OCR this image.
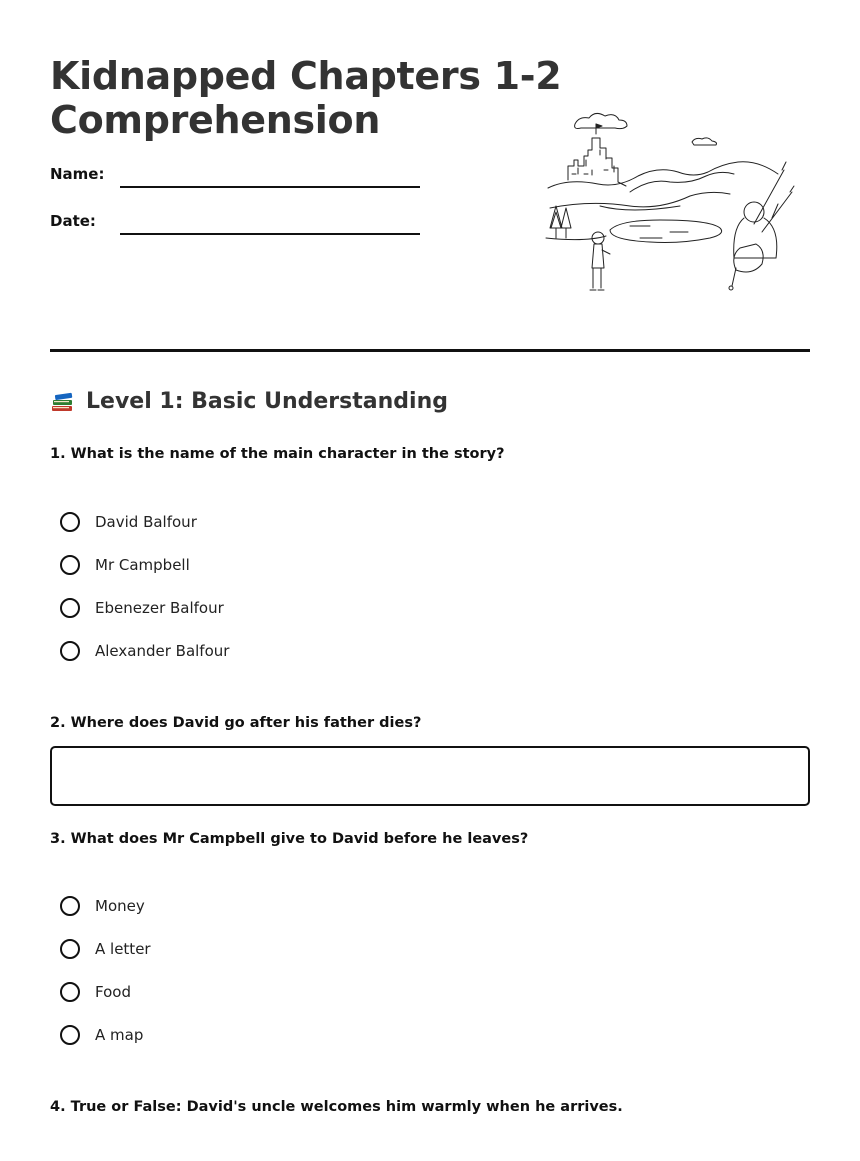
Kidnapped Chapters 1-2
Comprehension
Name:
Date:
Level 1: Basic Understanding
1. What is the name of the main character in the story?
David Balfour
Mr Campbell
Ebenezer Balfour
Alexander Balfour
2. Where does David go after his father dies?
3. What does Mr Campbell give to David before he leaves?
Money
A letter
Food
A map
4. True or False: David's uncle welcomes him warmly when he arrives.
